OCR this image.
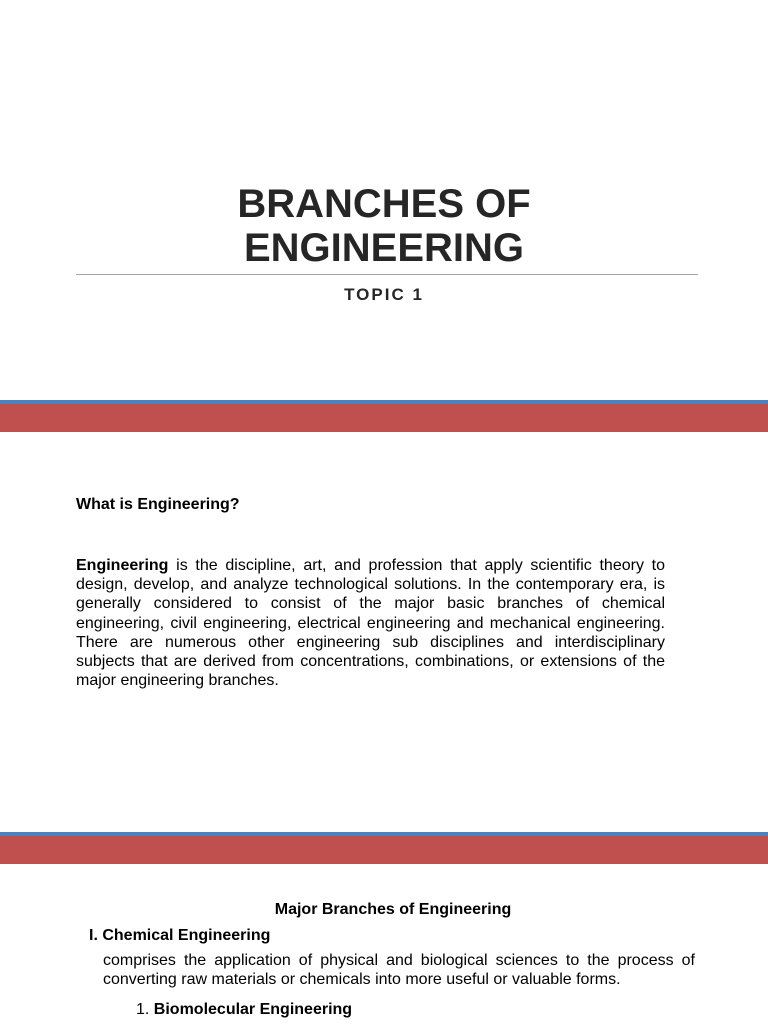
BRANCHES OF
ENGINEERING
TOPIC 1
What is Engineering?

Engineering is the discipline, art, and profession that apply scientific theory to design, develop, and analyze technological solutions. In the contemporary era, is generally considered to consist of the major basic branches of chemical engineering, civil engineering, electrical engineering and mechanical engineering. There are numerous other engineering sub disciplines and interdisciplinary subjects that are derived from concentrations, combinations, or extensions of the major engineering branches.

Major Branches of Engineering
I. Chemical Engineering

comprises the application of physical and biological sciences to the process of converting raw materials or chemicals into more useful or valuable forms.

1. Biomolecular Engineering
